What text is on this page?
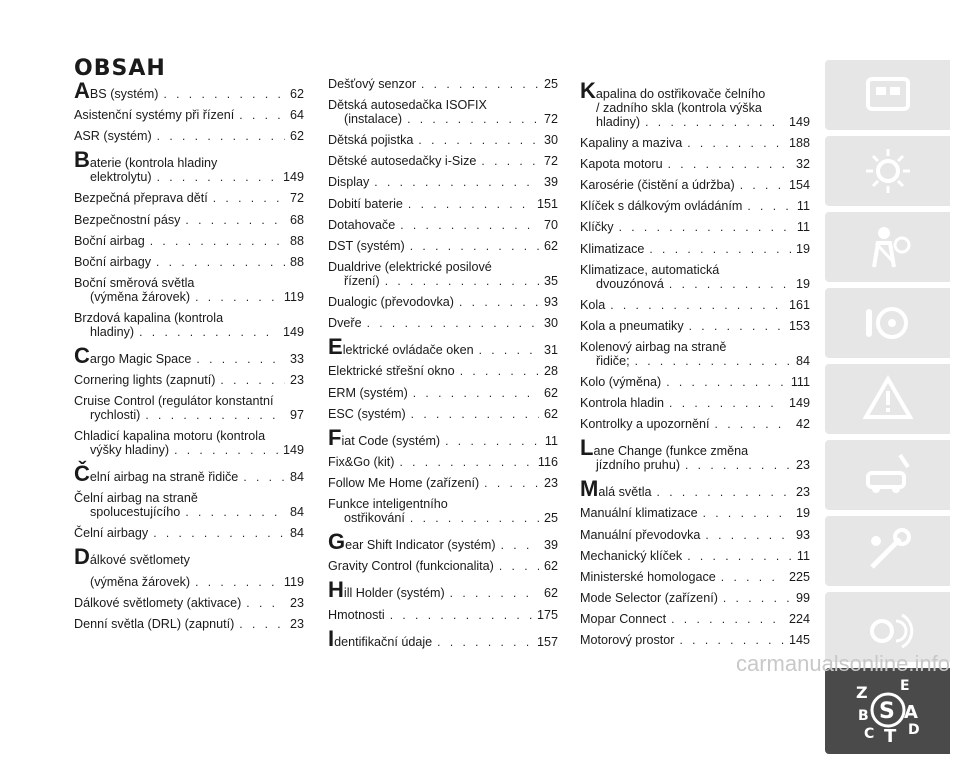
OBSAH
A BS (systém) . . .	62
Asistenční systémy při řízení . . .	64
ASR (systém) . . .	62
B aterie (kontrola hladiny
elektrolytu) . . .	149
Bezpečná přeprava dětí . . .	72
Bezpečnostní pásy . . .	68
Boční airbag . . .	88
Boční airbagy . . .	88
Boční směrová světla
(výměna žárovek) . . .	119
Brzdová kapalina (kontrola
hladiny) . . .	149
C argo Magic Space . . .	33
Cornering lights (zapnutí) . . .	23
Cruise Control (regulátor konstantní
rychlosti) . . .	97
Chladicí kapalina motoru (kontrola
výšky hladiny) . . .	149
Č elní airbag na straně řidiče . . .	84
Čelní airbag na straně
spolucestujícího . . .	84
Čelní airbagy . . .	84
D álkové světlomety
(výměna žárovek) . . .	119
Dálkové světlomety (aktivace) . . .	23
Denní světla (DRL) (zapnutí) . . .	23
Dešťový senzor . . .	25
Dětská autosedačka ISOFIX
(instalace) . . .	72
Dětská pojistka . . .	30
Dětské autosedačky i-Size . . .	72
Display . . .	39
Dobití baterie . . .	151
Dotahovače . . .	70
DST (systém) . . .	62
Dualdrive (elektrické posilové
řízení) . . .	35
Dualogic (převodovka) . . .	93
Dveře . . .	30
E lektrické ovládače oken . . .	31
Elektrické střešní okno . . .	28
ERM (systém) . . .	62
ESC (systém) . . .	62
F iat Code (systém) . . .	11
Fix&Go (kit) . . .	116
Follow Me Home (zařízení) . . .	23
Funkce inteligentního
ostřikování . . .	25
G ear Shift Indicator (systém) . . .	39
Gravity Control (funkcionalita) . . .	62
H ill Holder (systém) . . .	62
Hmotnosti . . .	175
I dentifikační údaje . . .	157
K apalina do ostřikovače čelního
/ zadního skla (kontrola výška
hladiny) . . .	149
Kapaliny a maziva . . .	188
Kapota motoru . . .	32
Karosérie (čistění a údržba) . . .	154
Klíček s dálkovým ovládáním . . .	11
Klíčky . . .	11
Klimatizace . . .	19
Klimatizace, automatická
dvouzónová . . .	19
Kola . . .	161
Kola a pneumatiky . . .	153
Kolenový airbag na straně
řidiče; . . .	84
Kolo (výměna) . . .	111
Kontrola hladin . . .	149
Kontrolky a upozornění . . .	42
L ane Change (funkce změna
jízdního pruhu) . . .	23
M alá světla . . .	23
Manuální klimatizace . . .	19
Manuální převodovka . . .	93
Mechanický klíček . . .	11
Ministerské homologace . . .	225
Mode Selector (zařízení) . . .	99
Mopar Connect . . .	224
Motorový prostor . . .	145
Z E
B S A
C T D
carmanualsonline.info
